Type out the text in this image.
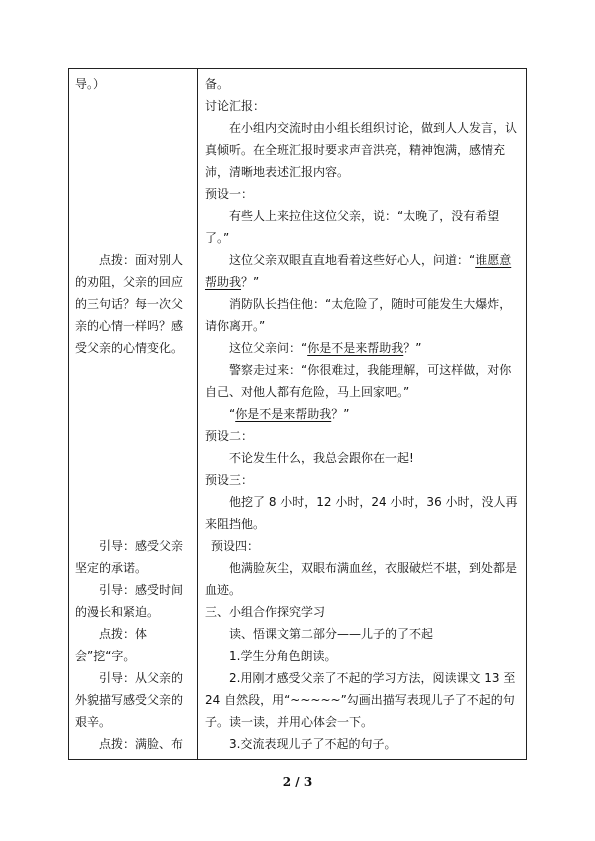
导。）

点拨：面对别人的劝阻，父亲的回应的三句话？每一次父亲的心情一样吗？感受父亲的心情变化。

引导：感受父亲坚定的承诺。

引导：感受时间的漫长和紧迫。

点拨：体会”挖“字。

引导：从父亲的外貌描写感受父亲的艰辛。

点拨：满脸、布

备。

讨论汇报：

在小组内交流时由小组长组织讨论，做到人人发言，认真倾听。在全班汇报时要求声音洪亮，精神饱满，感情充沛，清晰地表述汇报内容。

预设一：

有些人上来拉住这位父亲，说：“太晚了，没有希望了。”

这位父亲双眼直直地看着这些好心人，问道：“谁愿意帮助我？”

消防队长挡住他：“太危险了，随时可能发生大爆炸，请你离开。”

这位父亲问：“你是不是来帮助我？”

警察走过来：“你很难过，我能理解，可这样做，对你自己、对他人都有危险，马上回家吧。”

“你是不是来帮助我？”

预设二：

不论发生什么，我总会跟你在一起!

预设三：

他挖了 8 小时，12 小时，24 小时，36 小时，没人再来阻挡他。

预设四：

他满脸灰尘，双眼布满血丝，衣服破烂不堪，到处都是血迹。

三、小组合作探究学习

读、悟课文第二部分——儿子的了不起

1.学生分角色朗读。

2.用刚才感受父亲了不起的学习方法，阅读课文 13 至 24 自然段，用“~~~~~”勾画出描写表现儿子了不起的句子。读一读，并用心体会一下。

3.交流表现儿子了不起的句子。

2 / 3
